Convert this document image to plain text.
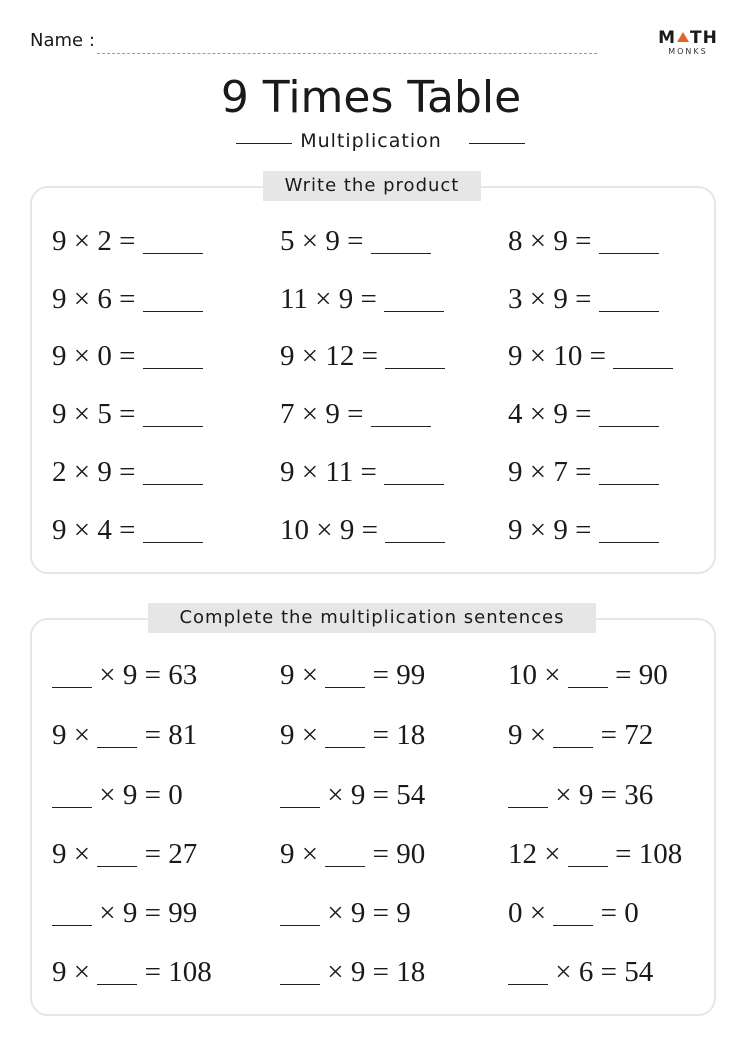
Name :	M TH
MONKS
9 Times Table
Multiplication
Write the product
Complete the multiplication sentences
9 × 2 =
9 × 6 =
9 × 0 =
9 × 5 =
2 × 9 =
9 × 4 =
5 × 9 =
11 × 9 =
9 × 12 =
7 × 9 =
9 × 11 =
10 × 9 =
8 × 9 =
3 × 9 =
9 × 10 =
4 × 9 =
9 × 7 =
9 × 9 =
× 9 = 63
9 ×  = 81
× 9 = 0
9 ×  = 27
× 9 = 99
9 ×  = 108
9 ×  = 99
9 ×  = 18
× 9 = 54
9 ×  = 90
× 9 = 9
× 9 = 18
10 ×  = 90
9 ×  = 72
× 9 = 36
12 ×  = 108
0 ×  = 0
× 6 = 54
